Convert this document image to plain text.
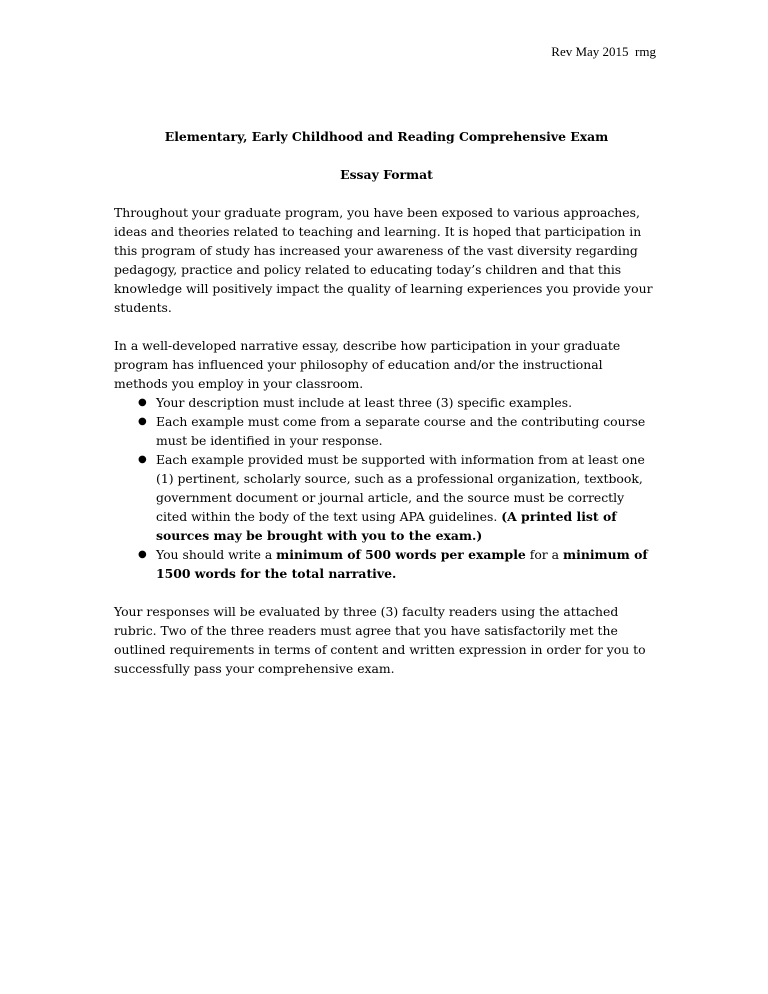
Rev May 2015  rmg
Elementary, Early Childhood and Reading Comprehensive Exam
Essay Format

Throughout your graduate program, you have been exposed to various approaches, ideas and theories related to teaching and learning. It is hoped that participation in this program of study has increased your awareness of the vast diversity regarding pedagogy, practice and policy related to educating today’s children and that this knowledge will positively impact the quality of learning experiences you provide your students.

In a well-developed narrative essay, describe how participation in your graduate program has influenced your philosophy of education and/or the instructional methods you employ in your classroom.

● Your description must include at least three (3) specific examples.
● Each example must come from a separate course and the contributing course must be identified in your response.
● Each example provided must be supported with information from at least one (1) pertinent, scholarly source, such as a professional organization, textbook, government document or journal article, and the source must be correctly cited within the body of the text using APA guidelines. (A printed list of sources may be brought with you to the exam.)
● You should write a minimum of 500 words per example for a minimum of 1500 words for the total narrative.

Your responses will be evaluated by three (3) faculty readers using the attached rubric. Two of the three readers must agree that you have satisfactorily met the outlined requirements in terms of content and written expression in order for you to successfully pass your comprehensive exam.
